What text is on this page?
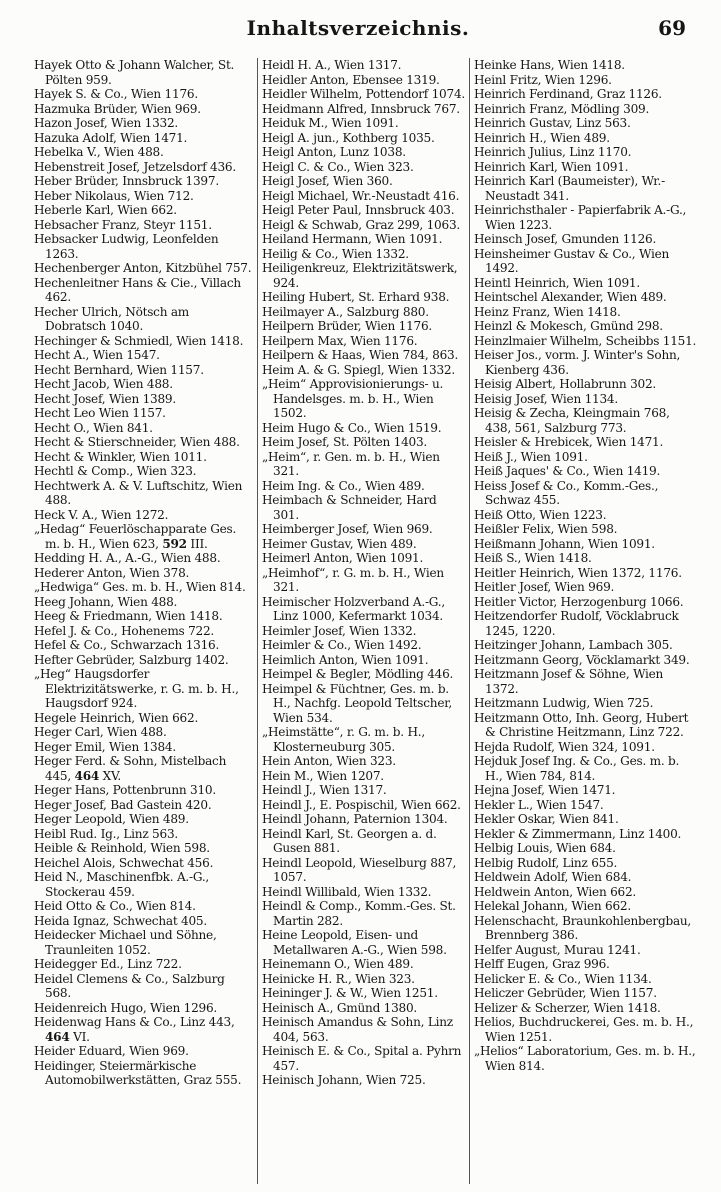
Inhaltsverzeichnis.	69

Hayek Otto & Johann Walcher, St. Pölten 959.

Hayek S. & Co., Wien 1176.

Hazmuka Brüder, Wien 969.

Hazon Josef, Wien 1332.

Hazuka Adolf, Wien 1471.

Hebelka V., Wien 488.

Hebenstreit Josef, Jetzelsdorf 436.

Heber Brüder, Innsbruck 1397.

Heber Nikolaus, Wien 712.

Heberle Karl, Wien 662.

Hebsacher Franz, Steyr 1151.

Hebsacker Ludwig, Leonfelden 1263.

Hechenberger Anton, Kitzbühel 757.

Hechenleitner Hans & Cie., Villach 462.

Hecher Ulrich, Nötsch am Dobratsch 1040.

Hechinger & Schmiedl, Wien 1418.

Hecht A., Wien 1547.

Hecht Bernhard, Wien 1157.

Hecht Jacob, Wien 488.

Hecht Josef, Wien 1389.

Hecht Leo Wien 1157.

Hecht O., Wien 841.

Hecht & Stierschneider, Wien 488.

Hecht & Winkler, Wien 1011.

Hechtl & Comp., Wien 323.

Hechtwerk A. & V. Luftschitz, Wien 488.

Heck V. A., Wien 1272.

„Hedag“ Feuerlöschapparate Ges. m. b. H., Wien 623, 592 III.

Hedding H. A., A.-G., Wien 488.

Hederer Anton, Wien 378.

„Hedwiga“ Ges. m. b. H., Wien 814.

Heeg Johann, Wien 488.

Heeg & Friedmann, Wien 1418.

Hefel J. & Co., Hohenems 722.

Hefel & Co., Schwarzach 1316.

Hefter Gebrüder, Salzburg 1402.

„Heg“ Haugsdorfer Elektrizitätswerke, r. G. m. b. H., Haugsdorf 924.

Hegele Heinrich, Wien 662.

Heger Carl, Wien 488.

Heger Emil, Wien 1384.

Heger Ferd. & Sohn, Mistelbach 445, 464 XV.

Heger Hans, Pottenbrunn 310.

Heger Josef, Bad Gastein 420.

Heger Leopold, Wien 489.

Heibl Rud. Ig., Linz 563.

Heible & Reinhold, Wien 598.

Heichel Alois, Schwechat 456.

Heid N., Maschinenfbk. A.-G., Stockerau 459.

Heid Otto & Co., Wien 814.

Heida Ignaz, Schwechat 405.

Heidecker Michael und Söhne, Traunleiten 1052.

Heidegger Ed., Linz 722.

Heidel Clemens & Co., Salzburg 568.

Heidenreich Hugo, Wien 1296.

Heidenwag Hans & Co., Linz 443, 464 VI.

Heider Eduard, Wien 969.

Heidinger, Steiermärkische Automobilwerkstätten, Graz 555.

Heidl H. A., Wien 1317.

Heidler Anton, Ebensee 1319.

Heidler Wilhelm, Pottendorf 1074.

Heidmann Alfred, Innsbruck 767.

Heiduk M., Wien 1091.

Heigl A. jun., Kothberg 1035.

Heigl Anton, Lunz 1038.

Heigl C. & Co., Wien 323.

Heigl Josef, Wien 360.

Heigl Michael, Wr.-Neustadt 416.

Heigl Peter Paul, Innsbruck 403.

Heigl & Schwab, Graz 299, 1063.

Heiland Hermann, Wien 1091.

Heilig & Co., Wien 1332.

Heiligenkreuz, Elektrizitätswerk, 924.

Heiling Hubert, St. Erhard 938.

Heilmayer A., Salzburg 880.

Heilpern Brüder, Wien 1176.

Heilpern Max, Wien 1176.

Heilpern & Haas, Wien 784, 863.

Heim A. & G. Spiegl, Wien 1332.

„Heim“ Approvisionierungs- u. Handelsges. m. b. H., Wien 1502.

Heim Hugo & Co., Wien 1519.

Heim Josef, St. Pölten 1403.

„Heim“, r. Gen. m. b. H., Wien 321.

Heim Ing. & Co., Wien 489.

Heimbach & Schneider, Hard 301.

Heimberger Josef, Wien 969.

Heimer Gustav, Wien 489.

Heimerl Anton, Wien 1091.

„Heimhof“, r. G. m. b. H., Wien 321.

Heimischer Holzverband A.-G., Linz 1000, Kefermarkt 1034.

Heimler Josef, Wien 1332.

Heimler & Co., Wien 1492.

Heimlich Anton, Wien 1091.

Heimpel & Begler, Mödling 446.

Heimpel & Füchtner, Ges. m. b. H., Nachfg. Leopold Teltscher, Wien 534.

„Heimstätte“, r. G. m. b. H., Klosterneuburg 305.

Hein Anton, Wien 323.

Hein M., Wien 1207.

Heindl J., Wien 1317.

Heindl J., E. Pospischil, Wien 662.

Heindl Johann, Paternion 1304.

Heindl Karl, St. Georgen a. d. Gusen 881.

Heindl Leopold, Wieselburg 887, 1057.

Heindl Willibald, Wien 1332.

Heindl & Comp., Komm.-Ges. St. Martin 282.

Heine Leopold, Eisen- und Metallwaren A.-G., Wien 598.

Heinemann O., Wien 489.

Heinicke H. R., Wien 323.

Heininger J. & W., Wien 1251.

Heinisch A., Gmünd 1380.

Heinisch Amandus & Sohn, Linz 404, 563.

Heinisch E. & Co., Spital a. Pyhrn 457.

Heinisch Johann, Wien 725.

Heinke Hans, Wien 1418.

Heinl Fritz, Wien 1296.

Heinrich Ferdinand, Graz 1126.

Heinrich Franz, Mödling 309.

Heinrich Gustav, Linz 563.

Heinrich H., Wien 489.

Heinrich Julius, Linz 1170.

Heinrich Karl, Wien 1091.

Heinrich Karl (Baumeister), Wr.-Neustadt 341.

Heinrichsthaler - Papierfabrik A.-G., Wien 1223.

Heinsch Josef, Gmunden 1126.

Heinsheimer Gustav & Co., Wien 1492.

Heintl Heinrich, Wien 1091.

Heintschel Alexander, Wien 489.

Heinz Franz, Wien 1418.

Heinzl & Mokesch, Gmünd 298.

Heinzlmaier Wilhelm, Scheibbs 1151.

Heiser Jos., vorm. J. Winter's Sohn, Kienberg 436.

Heisig Albert, Hollabrunn 302.

Heisig Josef, Wien 1134.

Heisig & Zecha, Kleingmain 768, 438, 561, Salzburg 773.

Heisler & Hrebicek, Wien 1471.

Heiß J., Wien 1091.

Heiß Jaques' & Co., Wien 1419.

Heiss Josef & Co., Komm.-Ges., Schwaz 455.

Heiß Otto, Wien 1223.

Heißler Felix, Wien 598.

Heißmann Johann, Wien 1091.

Heiß S., Wien 1418.

Heitler Heinrich, Wien 1372, 1176.

Heitler Josef, Wien 969.

Heitler Victor, Herzogenburg 1066.

Heitzendorfer Rudolf, Vöcklabruck 1245, 1220.

Heitzinger Johann, Lambach 305.

Heitzmann Georg, Vöcklamarkt 349.

Heitzmann Josef & Söhne, Wien 1372.

Heitzmann Ludwig, Wien 725.

Heitzmann Otto, Inh. Georg, Hubert & Christine Heitzmann, Linz 722.

Hejda Rudolf, Wien 324, 1091.

Hejduk Josef Ing. & Co., Ges. m. b. H., Wien 784, 814.

Hejna Josef, Wien 1471.

Hekler L., Wien 1547.

Hekler Oskar, Wien 841.

Hekler & Zimmermann, Linz 1400.

Helbig Louis, Wien 684.

Helbig Rudolf, Linz 655.

Heldwein Adolf, Wien 684.

Heldwein Anton, Wien 662.

Helekal Johann, Wien 662.

Helenschacht, Braunkohlenbergbau, Brennberg 386.

Helfer August, Murau 1241.

Helff Eugen, Graz 996.

Helicker E. & Co., Wien 1134.

Heliczer Gebrüder, Wien 1157.

Helizer & Scherzer, Wien 1418.

Helios, Buchdruckerei, Ges. m. b. H., Wien 1251.

„Helios“ Laboratorium, Ges. m. b. H., Wien 814.
